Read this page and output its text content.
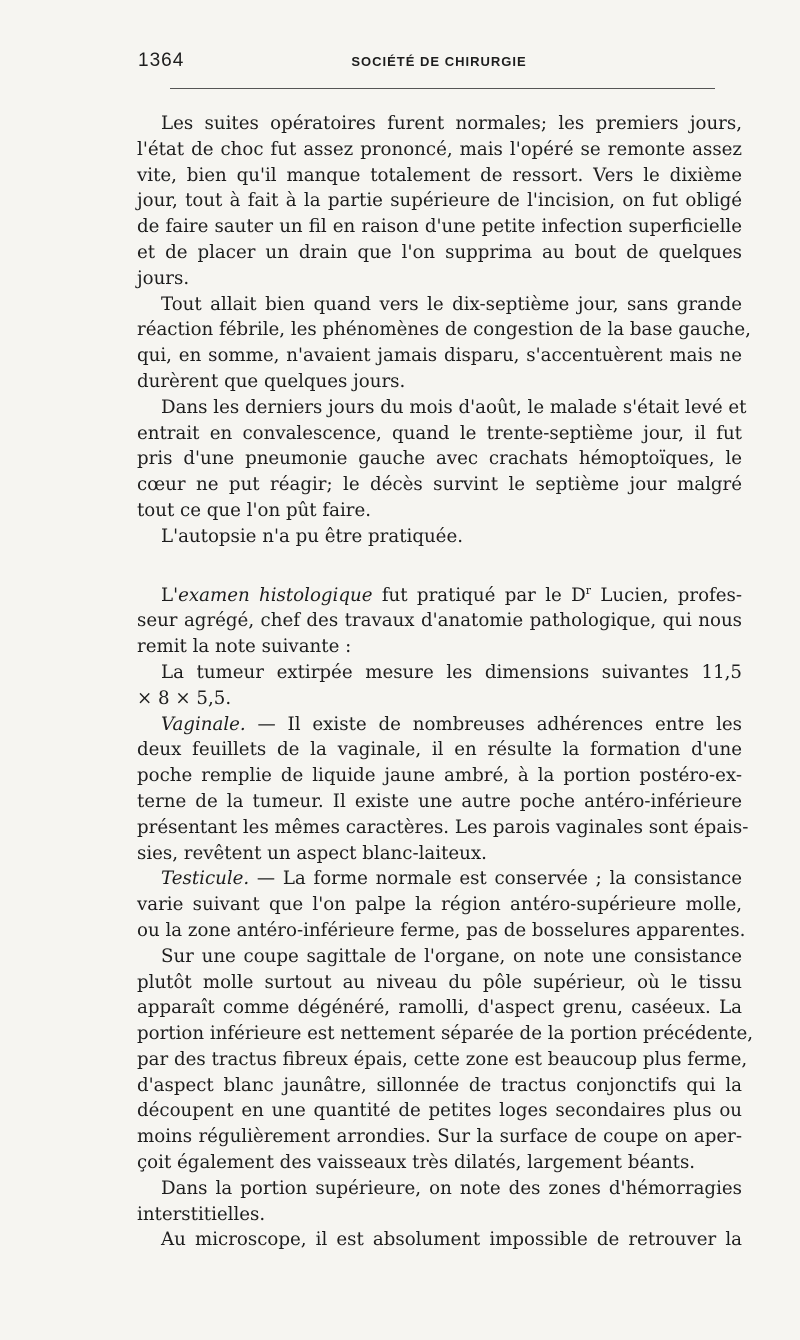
1364	SOCIÉTÉ DE CHIRURGIE
Les suites opératoires furent normales; les premiers jours,
l'état de choc fut assez prononcé, mais l'opéré se remonte assez
vite, bien qu'il manque totalement de ressort. Vers le dixième
jour, tout à fait à la partie supérieure de l'incision, on fut obligé
de faire sauter un fil en raison d'une petite infection superficielle
et de placer un drain que l'on supprima au bout de quelques
jours.
Tout allait bien quand vers le dix-septième jour, sans grande
réaction fébrile, les phénomènes de congestion de la base gauche,
qui, en somme, n'avaient jamais disparu, s'accentuèrent mais ne
durèrent que quelques jours.
Dans les derniers jours du mois d'août, le malade s'était levé et
entrait en convalescence, quand le trente-septième jour, il fut
pris d'une pneumonie gauche avec crachats hémoptoïques, le
cœur ne put réagir; le décès survint le septième jour malgré
tout ce que l'on pût faire.
L'autopsie n'a pu être pratiquée.
L'examen histologique fut pratiqué par le $D^r$ Lucien, profes-
seur agrégé, chef des travaux d'anatomie pathologique, qui nous
remit la note suivante :
La tumeur extirpée mesure les dimensions suivantes 11,5
× 8 × 5,5.
Vaginale. — Il existe de nombreuses adhérences entre les
deux feuillets de la vaginale, il en résulte la formation d'une
poche remplie de liquide jaune ambré, à la portion postéro-ex-
terne de la tumeur. Il existe une autre poche antéro-inférieure
présentant les mêmes caractères. Les parois vaginales sont épais-
sies, revêtent un aspect blanc-laiteux.
Testicule. — La forme normale est conservée ; la consistance
varie suivant que l'on palpe la région antéro-supérieure molle,
ou la zone antéro-inférieure ferme, pas de bosselures apparentes.
Sur une coupe sagittale de l'organe, on note une consistance
plutôt molle surtout au niveau du pôle supérieur, où le tissu
apparaît comme dégénéré, ramolli, d'aspect grenu, caséeux. La
portion inférieure est nettement séparée de la portion précédente,
par des tractus fibreux épais, cette zone est beaucoup plus ferme,
d'aspect blanc jaunâtre, sillonnée de tractus conjonctifs qui la
découpent en une quantité de petites loges secondaires plus ou
moins régulièrement arrondies. Sur la surface de coupe on aper-
çoit également des vaisseaux très dilatés, largement béants.
Dans la portion supérieure, on note des zones d'hémorragies
interstitielles.
Au microscope, il est absolument impossible de retrouver la
